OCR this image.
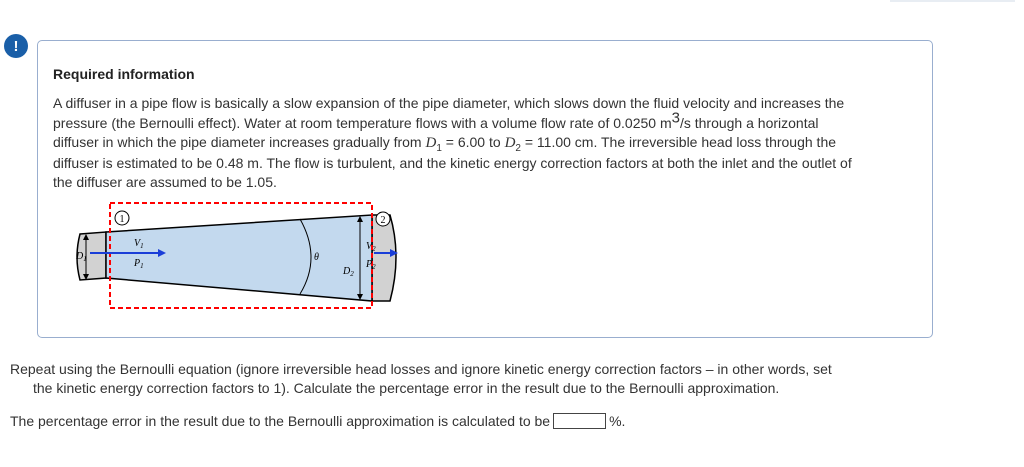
!
Required information
A diffuser in a pipe flow is basically a slow expansion of the pipe diameter, which slows down the fluid velocity and increases the pressure (the Bernoulli effect). Water at room temperature flows with a volume flow rate of 0.0250 $m^3/s$ through a horizontal diffuser in which the pipe diameter increases gradually from $D_1 = 6.00$ to $D_2 = 11.00$ cm. The irreversible head loss through the diffuser is estimated to be 0.48 m. The flow is turbulent, and the kinetic energy correction factors at both the inlet and the outlet of the diffuser are assumed to be 1.05.
1	2
$V_1$
$P_1$
$D_1$	θ
$V_2$
$P_2$
$D_2$
Repeat using the Bernoulli equation (ignore irreversible head losses and ignore kinetic energy correction factors – in other words, set
the kinetic energy correction factors to 1). Calculate the percentage error in the result due to the Bernoulli approximation.
The percentage error in the result due to the Bernoulli approximation is calculated to be	%.
